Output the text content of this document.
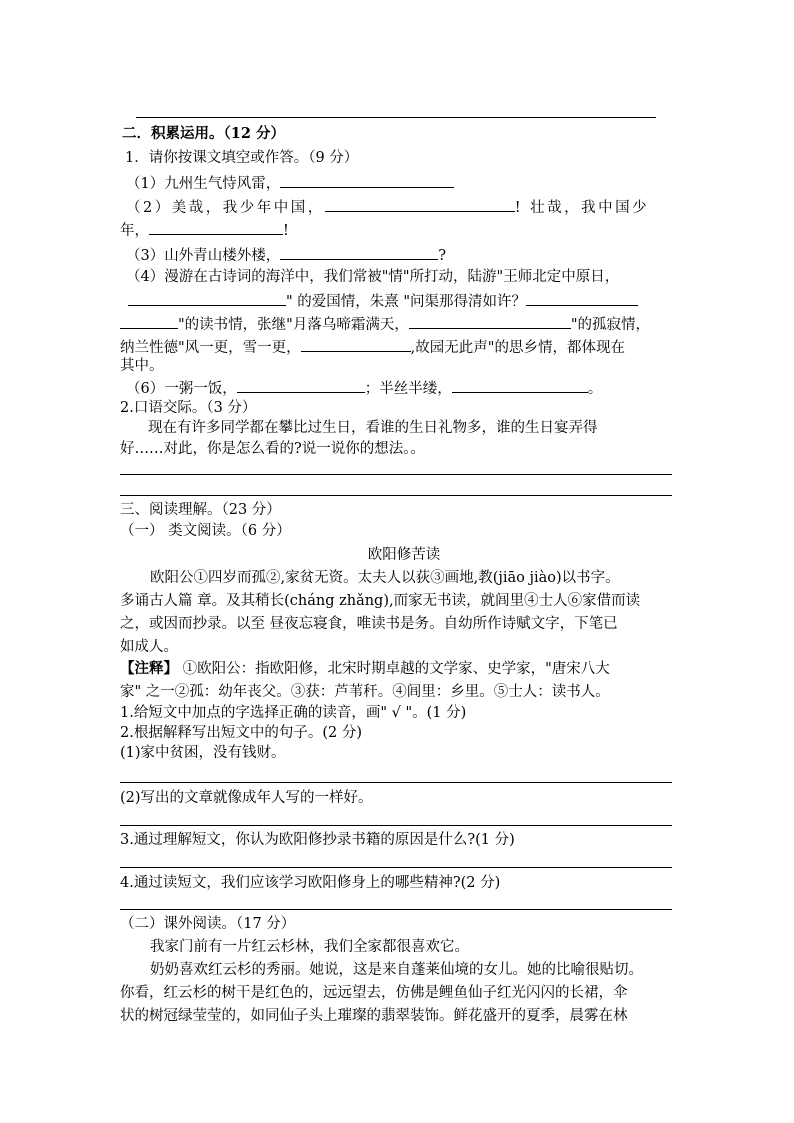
二．积累运用。（12 分）
1．请你按课文填空或作答。（9 分）
（1）九州生气恃风雷，
（2）美哉，我少年中国，	! 壮哉，我中国少
年，	!
（3）山外青山楼外楼，	?
（4）漫游在古诗词的海洋中，我们常被"情"所打动，陆游"王师北定中原日，
" 的爱国情，朱熹 "问渠那得清如许？
"的读书情，张继"月落乌啼霜满天，	"的孤寂情，
纳兰性德"风一更，雪一更，	,故园无此声"的思乡情，都体现在
其中。
（6）一粥一饭，	；半丝半缕，	。
2.口语交际。（3 分）
现在有许多同学都在攀比过生日，看谁的生日礼物多，谁的生日宴弄得
好……对此，你是怎么看的?说一说你的想法。。
三、阅读理解。（23 分）
（一） 类文阅读。（6 分）
欧阳修苦读
欧阳公①四岁而孤②,家贫无资。太夫人以荻③画地,教(jiāo jiào)以书字。
多诵古人篇 章。及其稍长(cháng zhǎng),而家无书读，就闾里④士人⑥家借而读
之，或因而抄录。以至 昼夜忘寝食，唯读书是务。自幼所作诗赋文字，下笔已
如成人。
【注释】 ①欧阳公：指欧阳修，北宋时期卓越的文学家、史学家，"唐宋八大
家" 之一②孤：幼年丧父。③获：芦苇秆。④闾里：乡里。⑤士人：读书人。
1.给短文中加点的字选择正确的读音，画" √ "。(1 分)
2.根据解释写出短文中的句子。(2 分)
(1)家中贫困，没有钱财。
(2)写出的文章就像成年人写的一样好。
3.通过理解短文，你认为欧阳修抄录书籍的原因是什么?(1 分)
4.通过读短文，我们应该学习欧阳修身上的哪些精神?(2 分)
（二）课外阅读。（17 分）
我家门前有一片红云杉林，我们全家都很喜欢它。
奶奶喜欢红云杉的秀丽。她说，这是来自蓬莱仙境的女儿。她的比喻很贴切。
你看，红云杉的树干是红色的，远远望去，仿佛是鲤鱼仙子红光闪闪的长裙，伞
状的树冠绿莹莹的，如同仙子头上璀璨的翡翠装饰。鲜花盛开的夏季，晨雾在林
